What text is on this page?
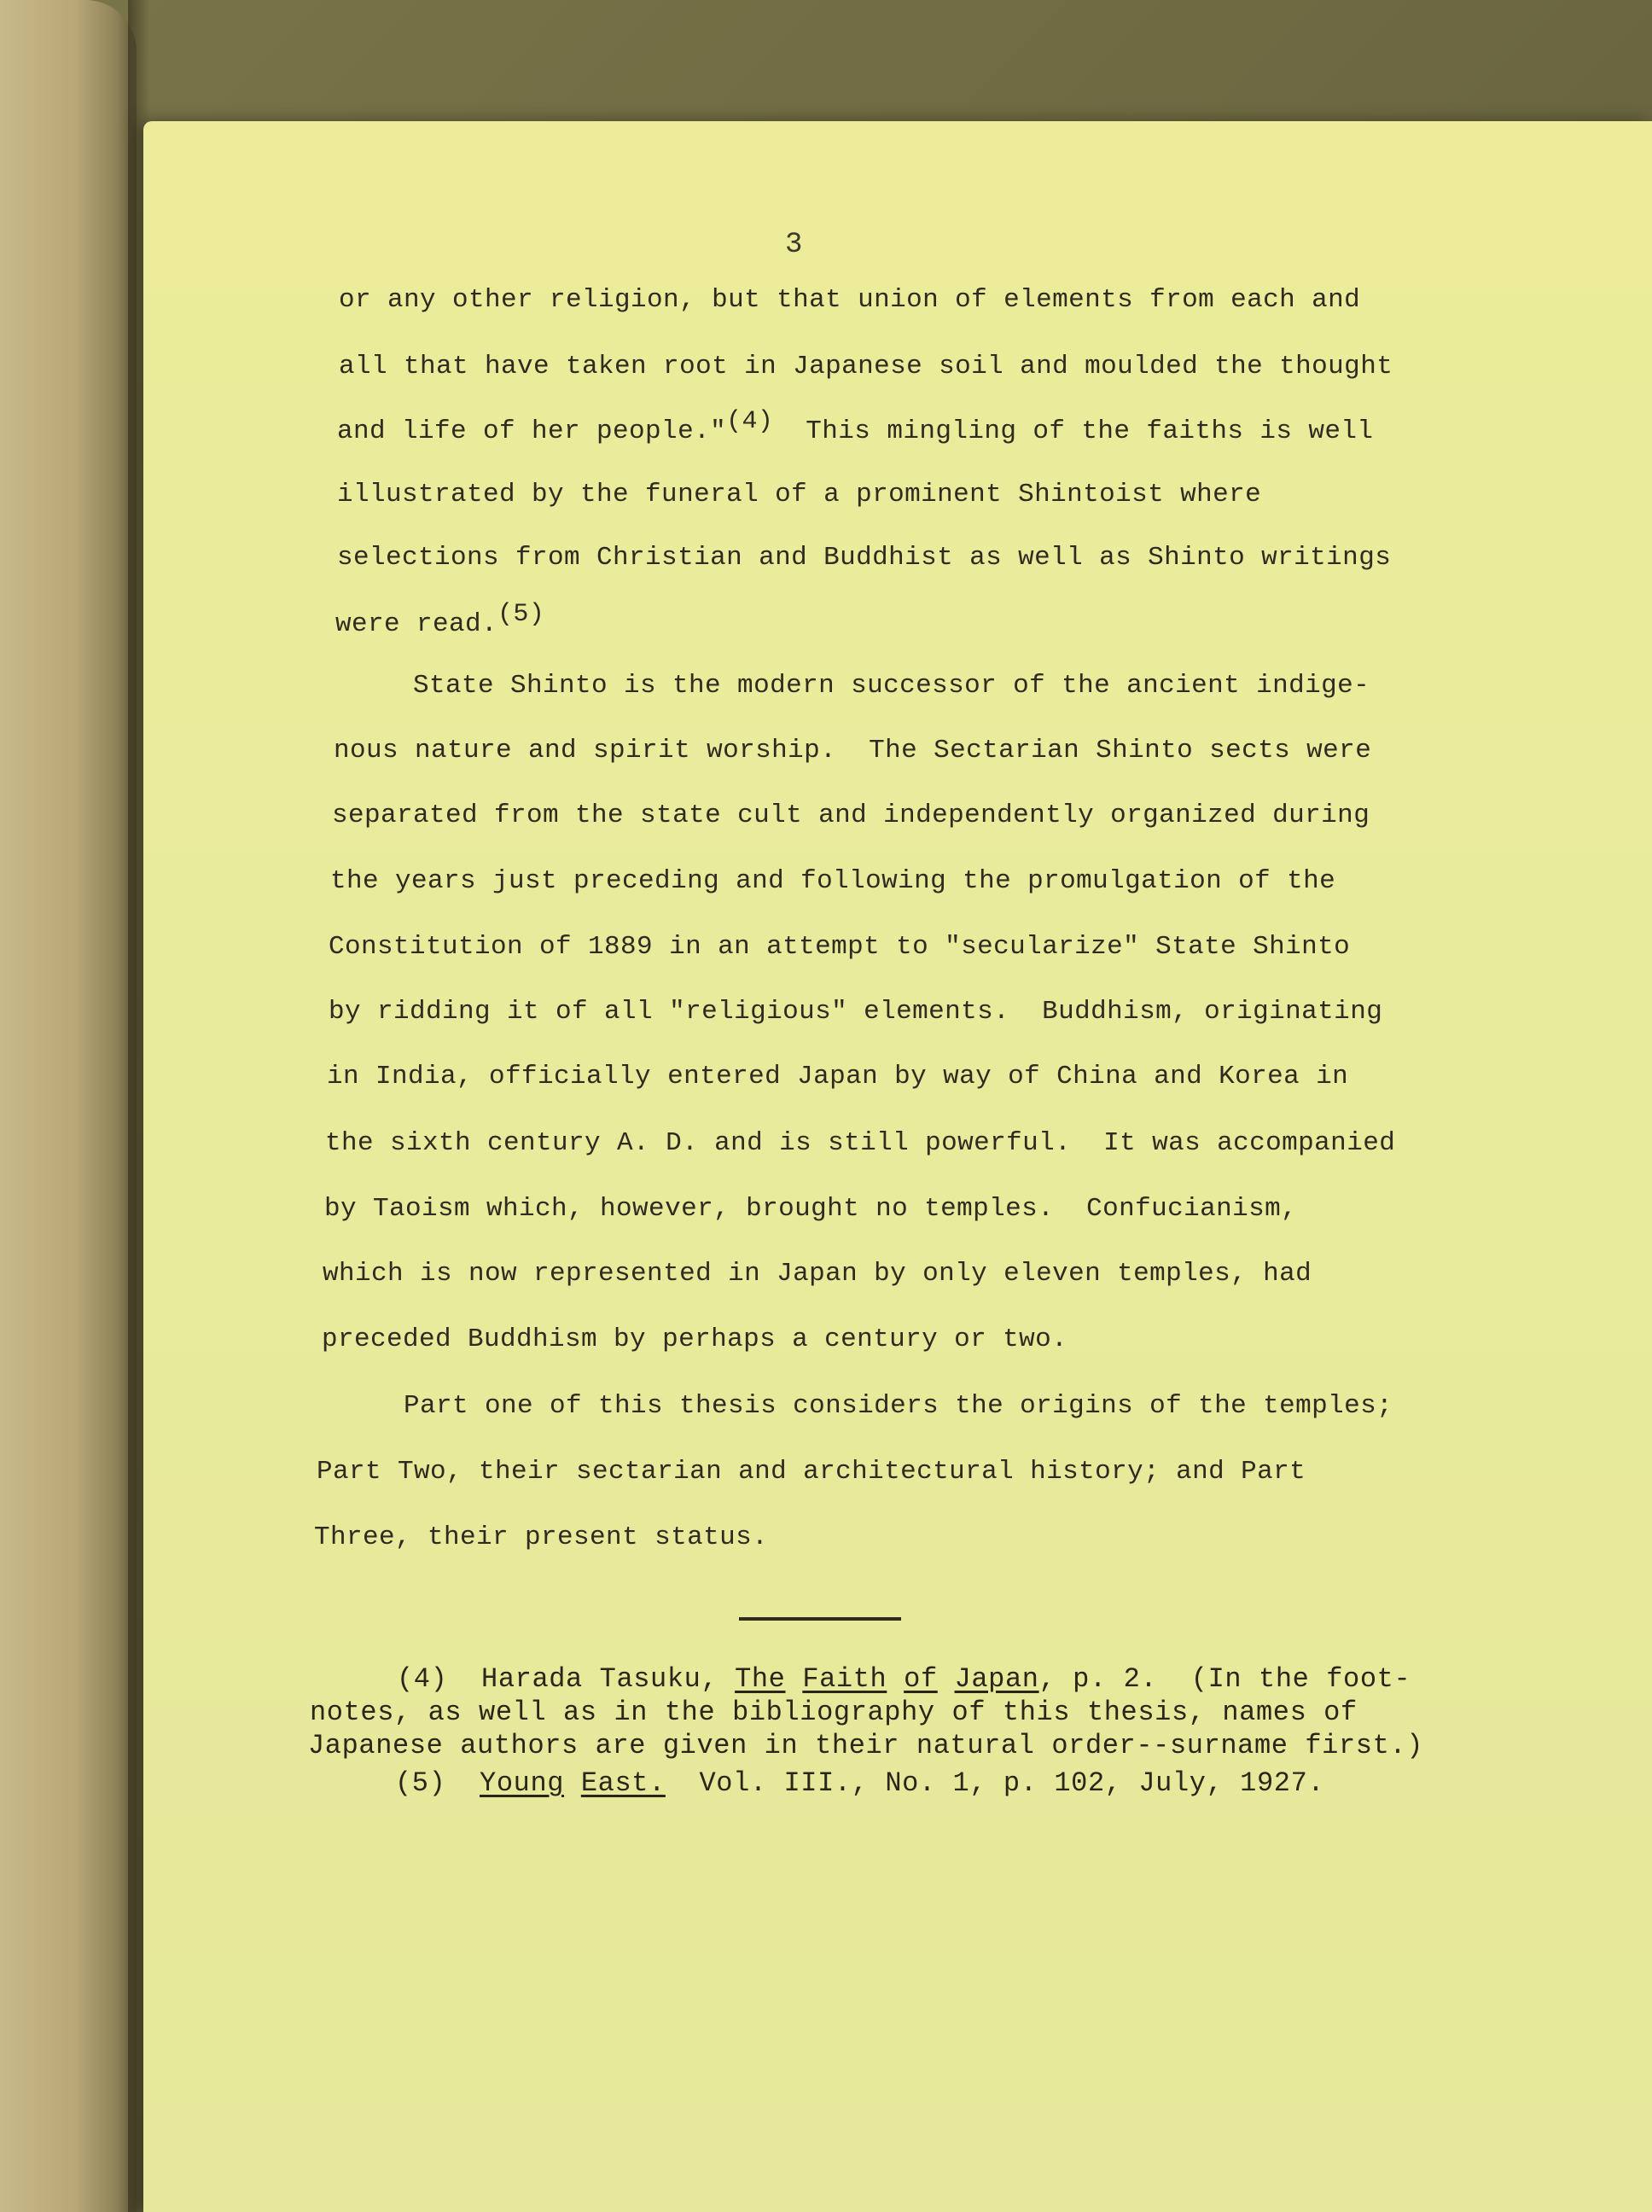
3
or any other religion, but that union of elements from each and
all that have taken root in Japanese soil and moulded the thought
and life of her people."(4)  This mingling of the faiths is well
illustrated by the funeral of a prominent Shintoist where
selections from Christian and Buddhist as well as Shinto writings
were read.(5)
State Shinto is the modern successor of the ancient indige-
nous nature and spirit worship.  The Sectarian Shinto sects were
separated from the state cult and independently organized during
the years just preceding and following the promulgation of the
Constitution of 1889 in an attempt to "secularize" State Shinto
by ridding it of all "religious" elements.  Buddhism, originating
in India, officially entered Japan by way of China and Korea in
the sixth century A. D. and is still powerful.  It was accompanied
by Taoism which, however, brought no temples.  Confucianism,
which is now represented in Japan by only eleven temples, had
preceded Buddhism by perhaps a century or two.
Part one of this thesis considers the origins of the temples;
Part Two, their sectarian and architectural history; and Part
Three, their present status.
(4) Harada Tasuku, The Faith of Japan, p. 2.  (In the foot-
notes, as well as in the bibliography of this thesis, names of
Japanese authors are given in their natural order--surname first.)
(5) Young East.  Vol. III., No. 1, p. 102, July, 1927.
